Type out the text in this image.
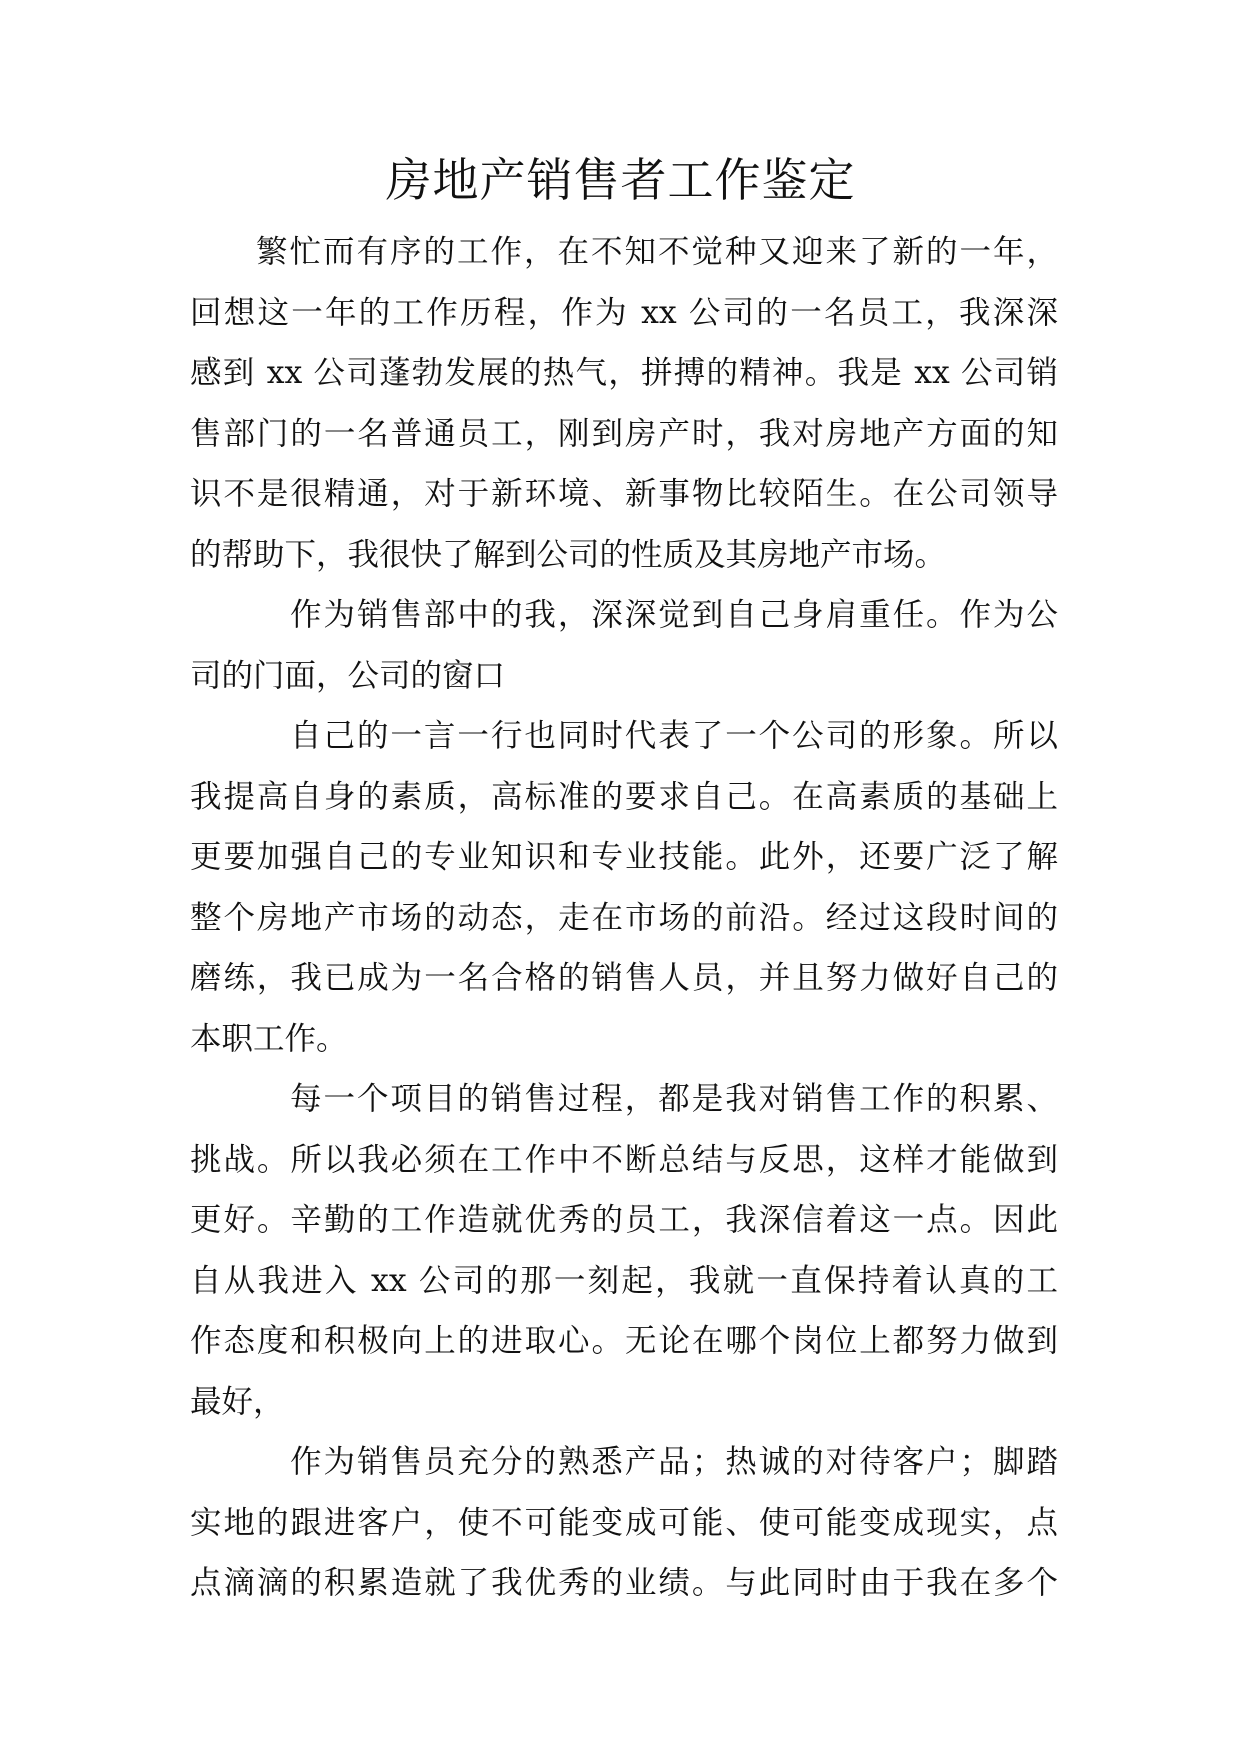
房地产销售者工作鉴定
繁忙而有序的工作，在不知不觉种又迎来了新的一年，
回想这一年的工作历程，作为 xx 公司的一名员工，我深深
感到 xx 公司蓬勃发展的热气，拼搏的精神。我是 xx 公司销
售部门的一名普通员工，刚到房产时，我对房地产方面的知
识不是很精通，对于新环境、新事物比较陌生。在公司领导
的帮助下，我很快了解到公司的性质及其房地产市场。
作为销售部中的我，深深觉到自己身肩重任。作为公
司的门面，公司的窗口
自己的一言一行也同时代表了一个公司的形象。所以
我提高自身的素质，高标准的要求自己。在高素质的基础上
更要加强自己的专业知识和专业技能。此外，还要广泛了解
整个房地产市场的动态，走在市场的前沿。经过这段时间的
磨练，我已成为一名合格的销售人员，并且努力做好自己的
本职工作。
每一个项目的销售过程，都是我对销售工作的积累、
挑战。所以我必须在工作中不断总结与反思，这样才能做到
更好。辛勤的工作造就优秀的员工，我深信着这一点。因此
自从我进入 xx 公司的那一刻起，我就一直保持着认真的工
作态度和积极向上的进取心。无论在哪个岗位上都努力做到
最好，
作为销售员充分的熟悉产品；热诚的对待客户；脚踏
实地的跟进客户，使不可能变成可能、使可能变成现实，点
点滴滴的积累造就了我优秀的业绩。与此同时由于我在多个
